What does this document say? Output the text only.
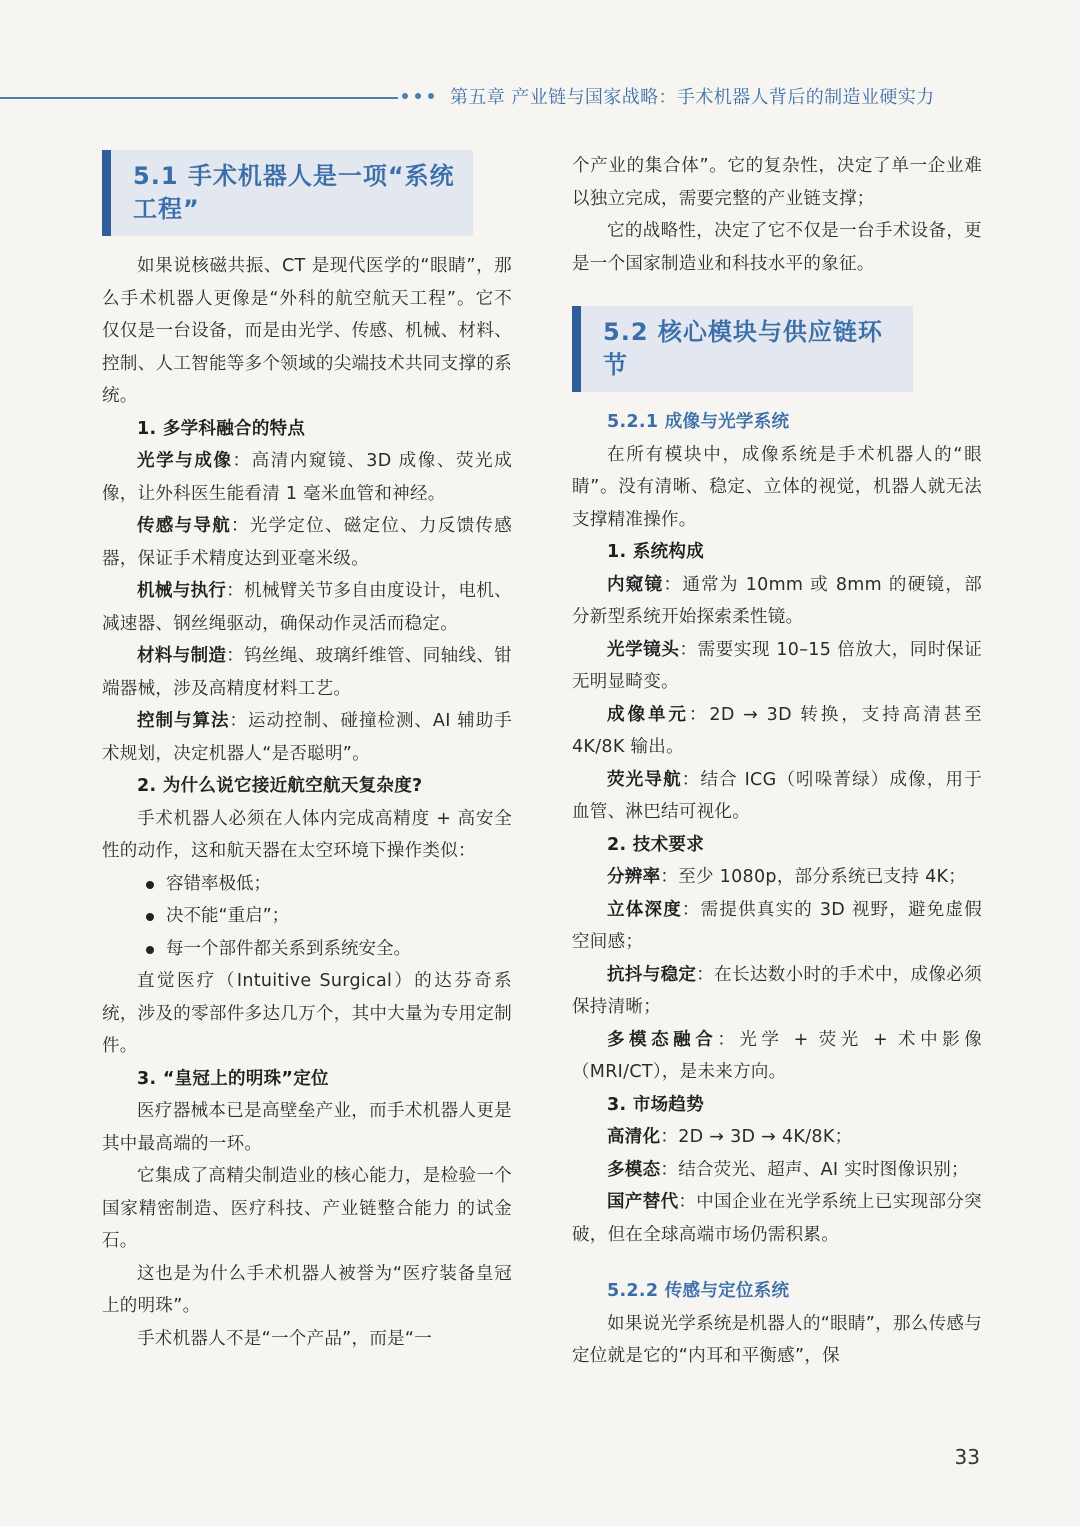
第五章 产业链与国家战略：手术机器人背后的制造业硬实力
5.1 手术机器人是一项“系统工程”

如果说核磁共振、CT 是现代医学的“眼睛”，那么手术机器人更像是“外科的航空航天工程”。它不仅仅是一台设备，而是由光学、传感、机械、材料、控制、人工智能等多个领域的尖端技术共同支撑的系统。

1. 多学科融合的特点

光学与成像：高清内窥镜、3D 成像、荧光成像，让外科医生能看清 1 毫米血管和神经。

传感与导航：光学定位、磁定位、力反馈传感器，保证手术精度达到亚毫米级。

机械与执行：机械臂关节多自由度设计，电机、减速器、钢丝绳驱动，确保动作灵活而稳定。

材料与制造：钨丝绳、玻璃纤维管、同轴线、钳端器械，涉及高精度材料工艺。

控制与算法：运动控制、碰撞检测、AI 辅助手术规划，决定机器人“是否聪明”。

2. 为什么说它接近航空航天复杂度?

手术机器人必须在人体内完成高精度 + 高安全性的动作，这和航天器在太空环境下操作类似：

容错率极低；
决不能“重启”；
每一个部件都关系到系统安全。

直觉医疗（Intuitive Surgical）的达芬奇系统，涉及的零部件多达几万个，其中大量为专用定制件。

3. “皇冠上的明珠”定位

医疗器械本已是高壁垒产业，而手术机器人更是其中最高端的一环。

它集成了高精尖制造业的核心能力，是检验一个国家精密制造、医疗科技、产业链整合能力 的试金石。

这也是为什么手术机器人被誉为“医疗装备皇冠上的明珠”。

手术机器人不是“一个产品”，而是“一

个产业的集合体”。它的复杂性，决定了单一企业难以独立完成，需要完整的产业链支撑；

它的战略性，决定了它不仅是一台手术设备，更是一个国家制造业和科技水平的象征。

5.2 核心模块与供应链环节

5.2.1 成像与光学系统

在所有模块中，成像系统是手术机器人的“眼睛”。没有清晰、稳定、立体的视觉，机器人就无法支撑精准操作。

1. 系统构成

内窥镜：通常为 10mm 或 8mm 的硬镜，部分新型系统开始探索柔性镜。

光学镜头：需要实现 10–15 倍放大，同时保证无明显畸变。

成像单元：2D → 3D 转换，支持高清甚至 4K/8K 输出。

荧光导航：结合 ICG（吲哚菁绿）成像，用于血管、淋巴结可视化。

2. 技术要求

分辨率：至少 1080p，部分系统已支持 4K；

立体深度：需提供真实的 3D 视野，避免虚假空间感；

抗抖与稳定：在长达数小时的手术中，成像必须保持清晰；

多模态融合：光学 + 荧光 + 术中影像（MRI/CT），是未来方向。

3. 市场趋势

高清化：2D → 3D → 4K/8K；

多模态：结合荧光、超声、AI 实时图像识别；

国产替代：中国企业在光学系统上已实现部分突破，但在全球高端市场仍需积累。

5.2.2 传感与定位系统

如果说光学系统是机器人的“眼睛”，那么传感与定位就是它的“内耳和平衡感”，保

33
